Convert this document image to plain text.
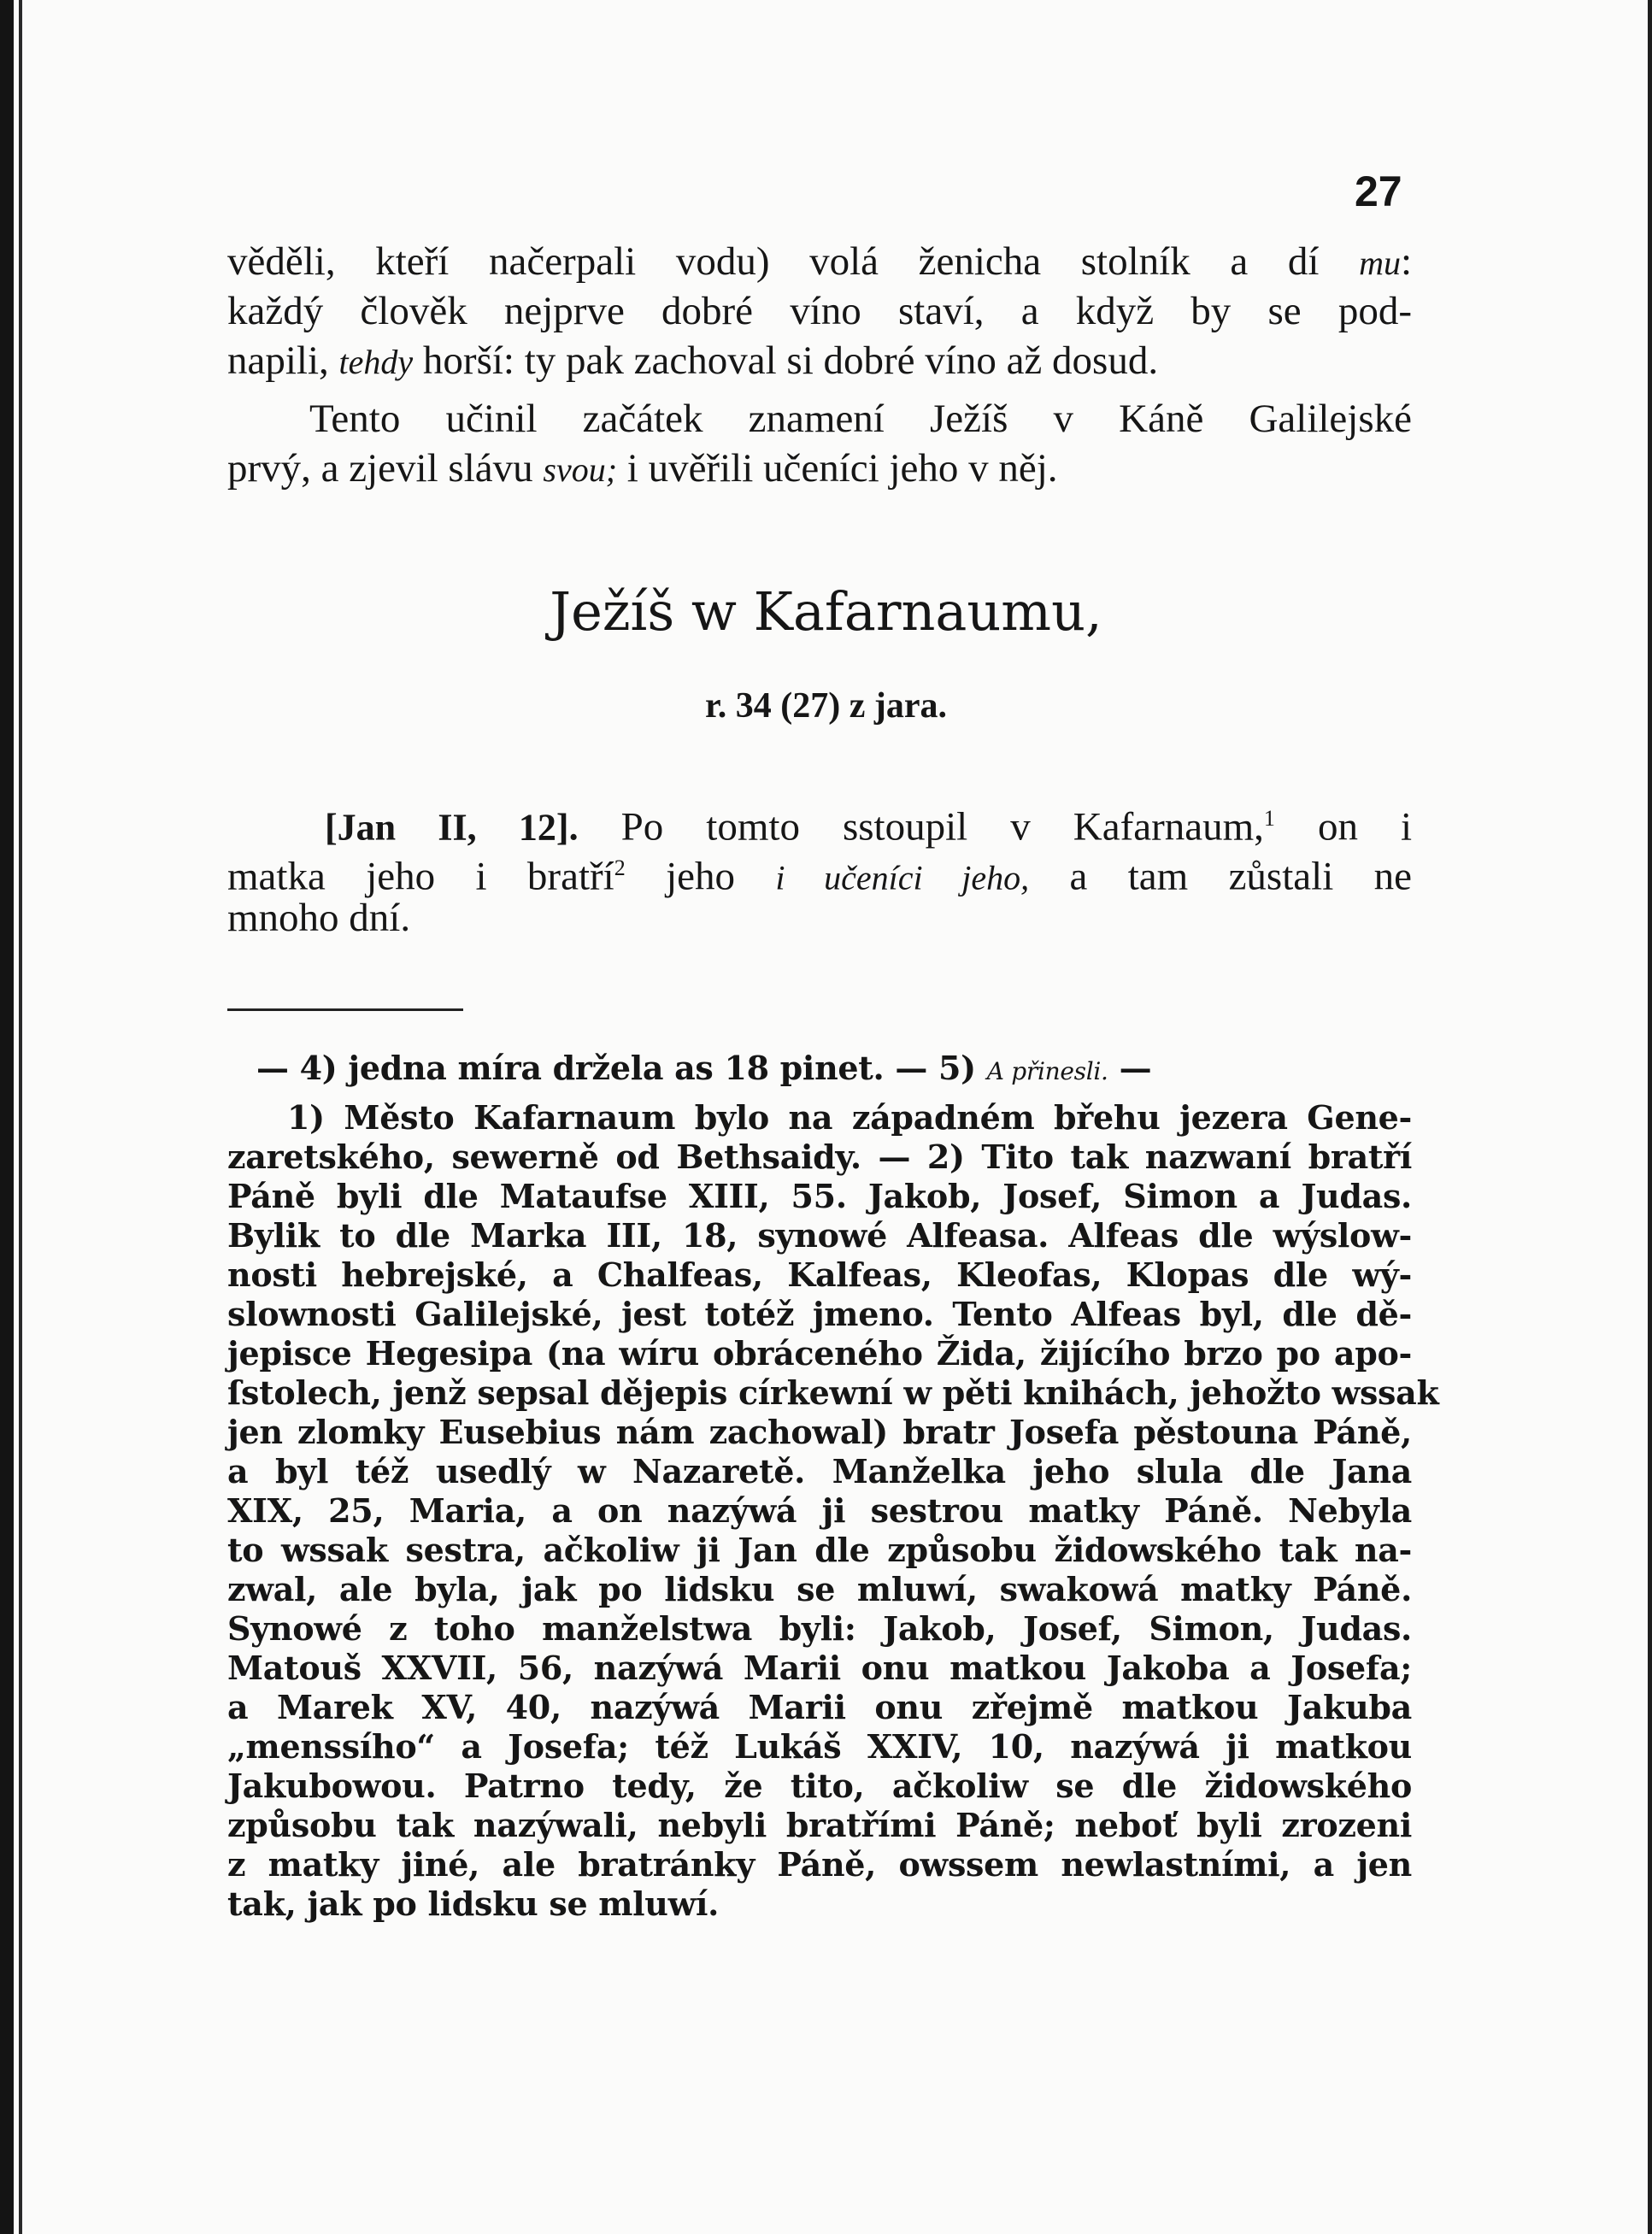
27
věděli, kteří načerpali vodu) volá ženicha stolník a dí mu:
každý člověk nejprve dobré víno staví, a když by se pod-
napili, tehdy horší: ty pak zachoval si dobré víno až dosud.
Tento učinil začátek znamení Ježíš v Káně Galilejské
prvý, a zjevil slávu svou; i uvěřili učeníci jeho v něj.
Ježíš w Kafarnaumu,
r. 34 (27) z jara.
[Jan II, 12]. Po tomto sstoupil v Kafarnaum,$^1$ on i
matka jeho i bratří$^2$ jeho i učeníci jeho, a tam zůstali ne
mnoho dní.
— 4) jedna míra držela as 18 pinet. — 5) A přinesli. —
1) Město Kafarnaum bylo na západném břehu jezera Gene-
zaretského, sewerně od Bethsaidy. — 2) Tito tak nazwaní bratří
Páně byli dle Mataufse XIII, 55. Jakob, Josef, Simon a Judas.
Bylik to dle Marka III, 18, synowé Alfeasa. Alfeas dle wýslow-
nosti hebrejské, a Chalfeas, Kalfeas, Kleofas, Klopas dle wý-
slownosti Galilejské, jest totéž jmeno. Tento Alfeas byl, dle dě-
jepisce Hegesipa (na wíru obráceného Žida, žijícího brzo po apo-
ſstolech, jenž sepsal dějepis církewní w pěti knihách, jehožto wssak
jen zlomky Eusebius nám zachowal) bratr Josefa pěstouna Páně,
a byl též usedlý w Nazaretě. Manželka jeho slula dle Jana
XIX, 25, Maria, a on nazýwá ji sestrou matky Páně. Nebyla
to wssak sestra, ačkoliw ji Jan dle způsobu židowského tak na-
zwal, ale byla, jak po lidsku se mluwí, swakowá matky Páně.
Synowé z toho manželstwa byli: Jakob, Josef, Simon, Judas.
Matouš XXVII, 56, nazýwá Marii onu matkou Jakoba a Josefa;
a Marek XV, 40, nazýwá Marii onu zřejmě matkou Jakuba
„menssího“ a Josefa; též Lukáš XXIV, 10, nazýwá ji matkou
Jakubowou. Patrno tedy, že tito, ačkoliw se dle židowského
způsobu tak nazýwali, nebyli bratřími Páně; neboť byli zrozeni
z matky jiné, ale bratránky Páně, owssem newlastními, a jen
tak, jak po lidsku se mluwí.
